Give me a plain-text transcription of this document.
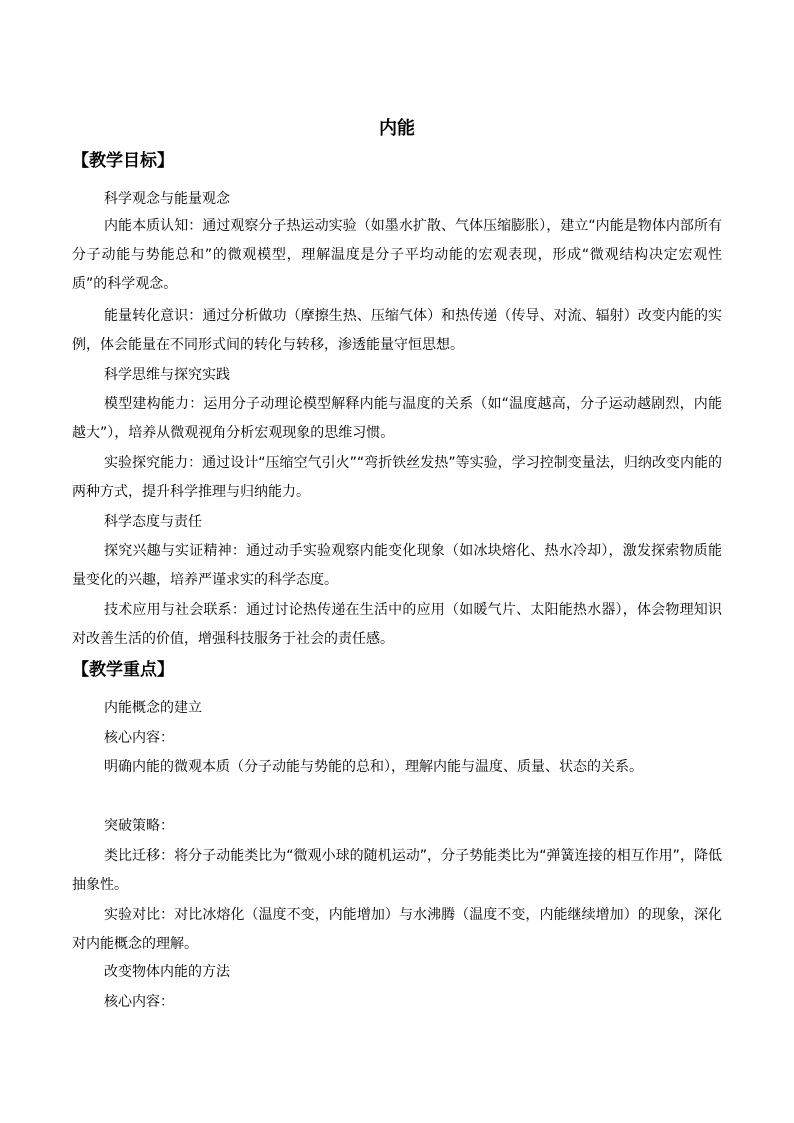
内能
【教学目标】

科学观念与能量观念

内能本质认知：通过观察分子热运动实验（如墨水扩散、气体压缩膨胀），建立“内能是物体内部所有分子动能与势能总和”的微观模型，理解温度是分子平均动能的宏观表现，形成“微观结构决定宏观性质”的科学观念。

能量转化意识：通过分析做功（摩擦生热、压缩气体）和热传递（传导、对流、辐射）改变内能的实例，体会能量在不同形式间的转化与转移，渗透能量守恒思想。

科学思维与探究实践

模型建构能力：运用分子动理论模型解释内能与温度的关系（如“温度越高，分子运动越剧烈，内能越大”），培养从微观视角分析宏观现象的思维习惯。

实验探究能力：通过设计“压缩空气引火”“弯折铁丝发热”等实验，学习控制变量法，归纳改变内能的两种方式，提升科学推理与归纳能力。

科学态度与责任

探究兴趣与实证精神：通过动手实验观察内能变化现象（如冰块熔化、热水冷却），激发探索物质能量变化的兴趣，培养严谨求实的科学态度。

技术应用与社会联系：通过讨论热传递在生活中的应用（如暖气片、太阳能热水器），体会物理知识对改善生活的价值，增强科技服务于社会的责任感。

【教学重点】

内能概念的建立

核心内容：

明确内能的微观本质（分子动能与势能的总和），理解内能与温度、质量、状态的关系。

突破策略：

类比迁移：将分子动能类比为“微观小球的随机运动”，分子势能类比为“弹簧连接的相互作用”，降低抽象性。

实验对比：对比冰熔化（温度不变，内能增加）与水沸腾（温度不变，内能继续增加）的现象，深化对内能概念的理解。

改变物体内能的方法

核心内容：
